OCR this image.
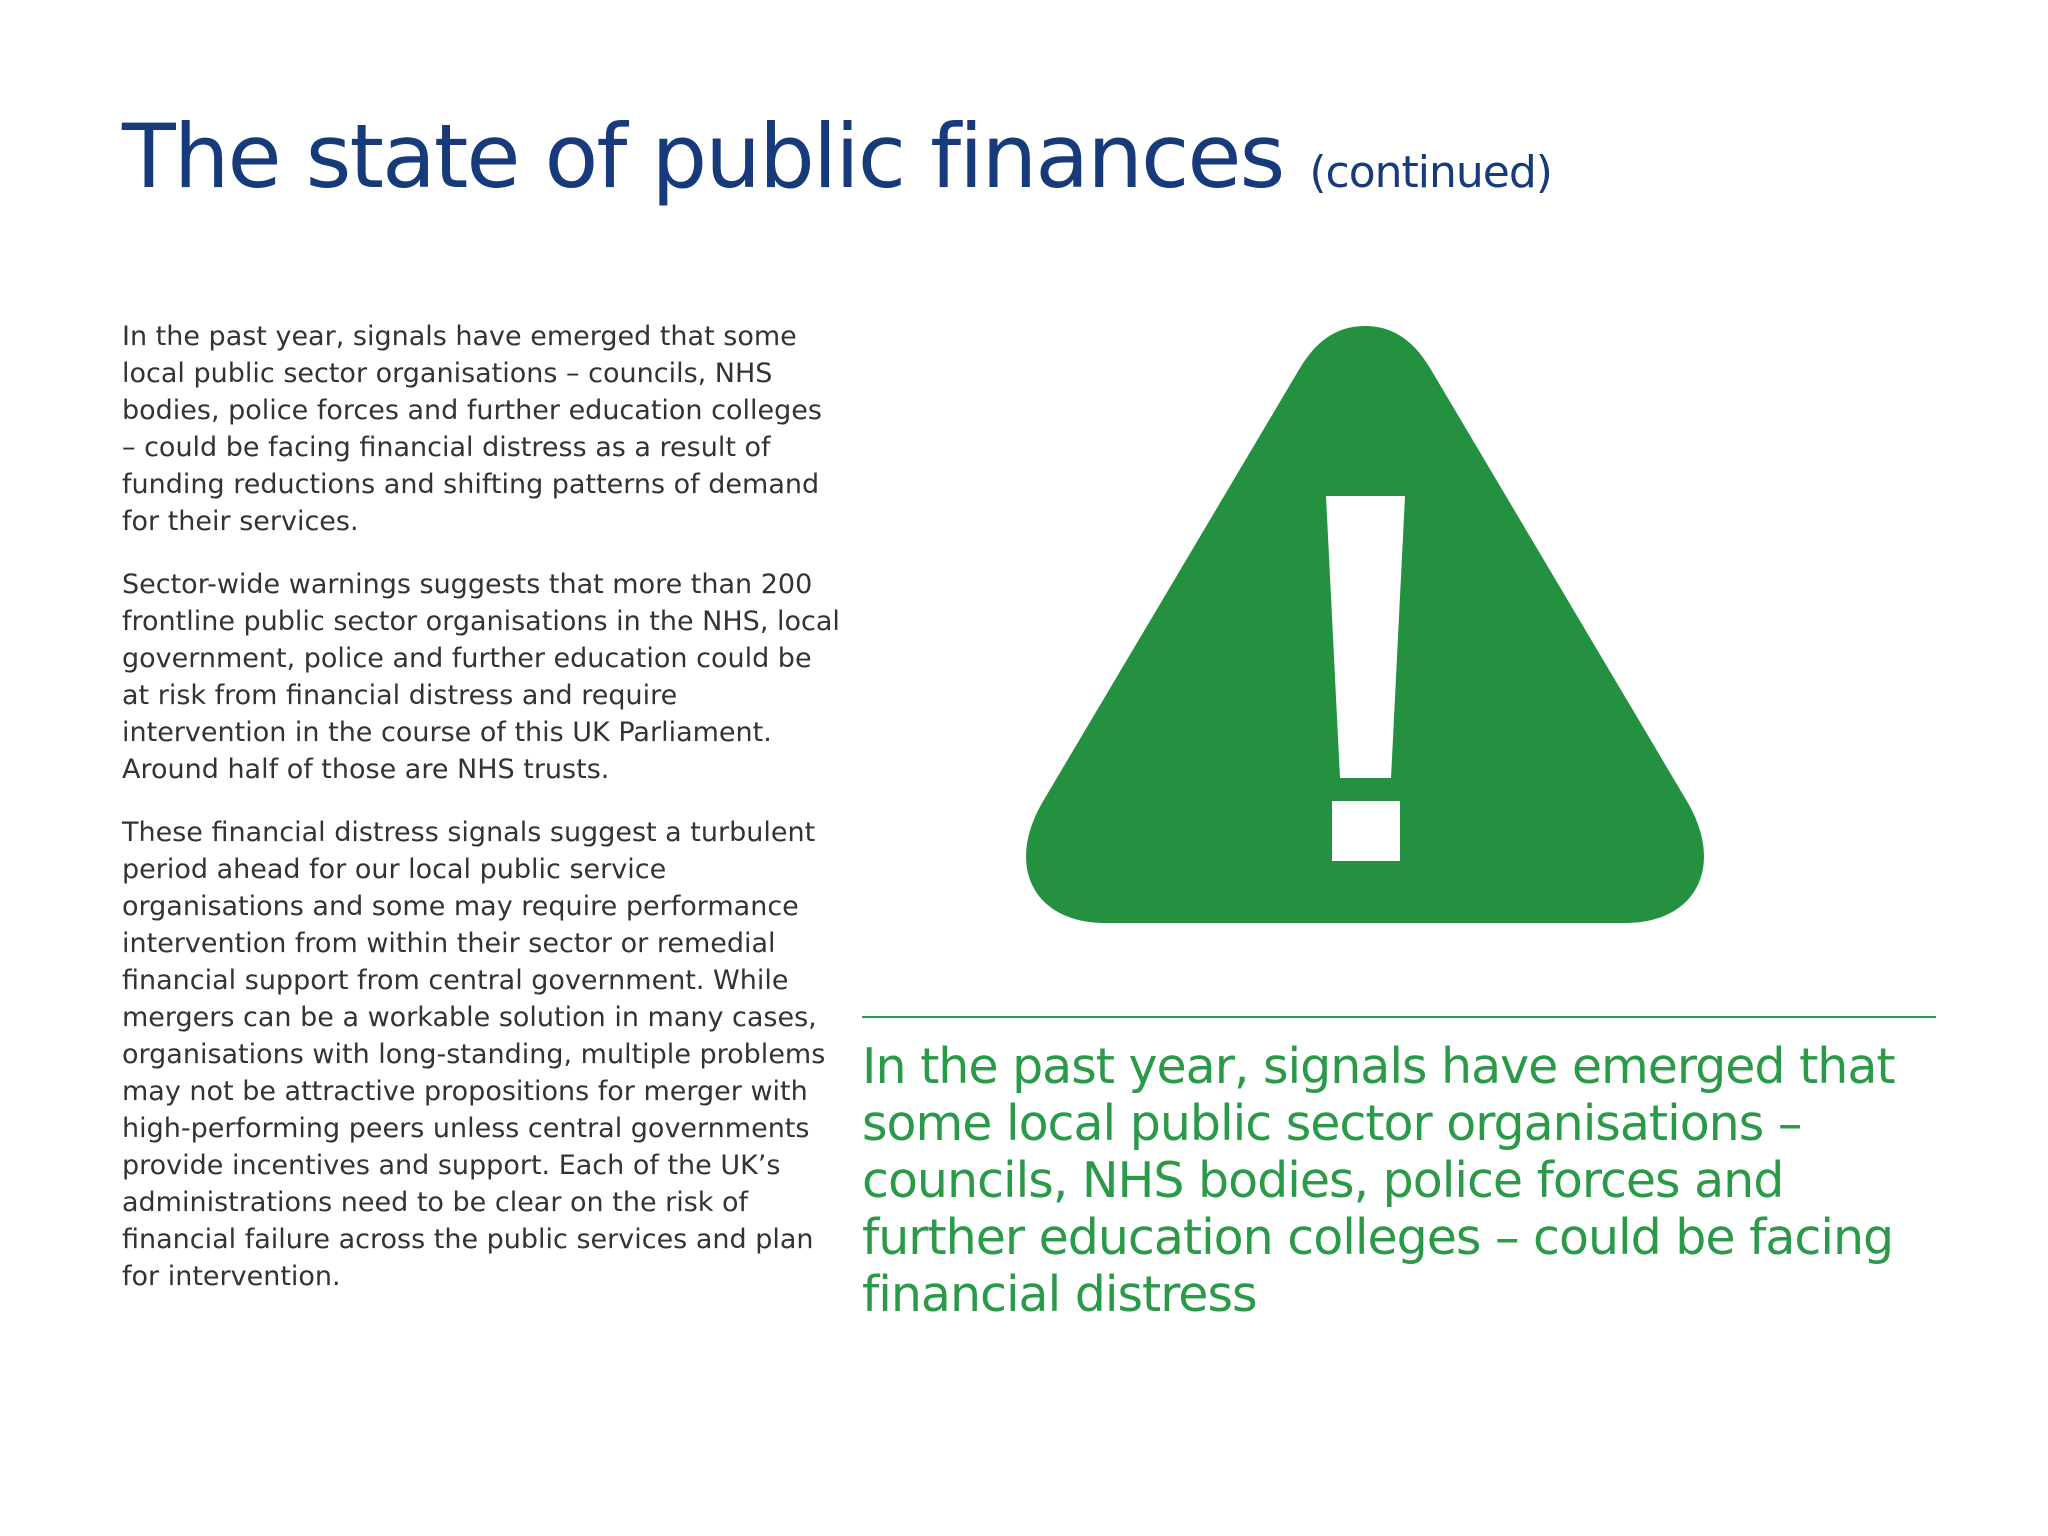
The state of public finances (continued)

In the past year, signals have emerged that some local public sector organisations – councils, NHS bodies, police forces and further education colleges – could be facing financial distress as a result of funding reductions and shifting patterns of demand for their services.

Sector-wide warnings suggests that more than 200 frontline public sector organisations in the NHS, local government, police and further education could be at risk from financial distress and require intervention in the course of this UK Parliament. Around half of those are NHS trusts.

These financial distress signals suggest a turbulent period ahead for our local public service organisations and some may require performance intervention from within their sector or remedial financial support from central government. While mergers can be a workable solution in many cases, organisations with long-standing, multiple problems may not be attractive propositions for merger with high-performing peers unless central governments provide incentives and support. Each of the UK’s administrations need to be clear on the risk of financial failure across the public services and plan for intervention.

In the past year, signals have emerged that some local public sector organisations – councils, NHS bodies, police forces and further education colleges – could be facing financial distress
